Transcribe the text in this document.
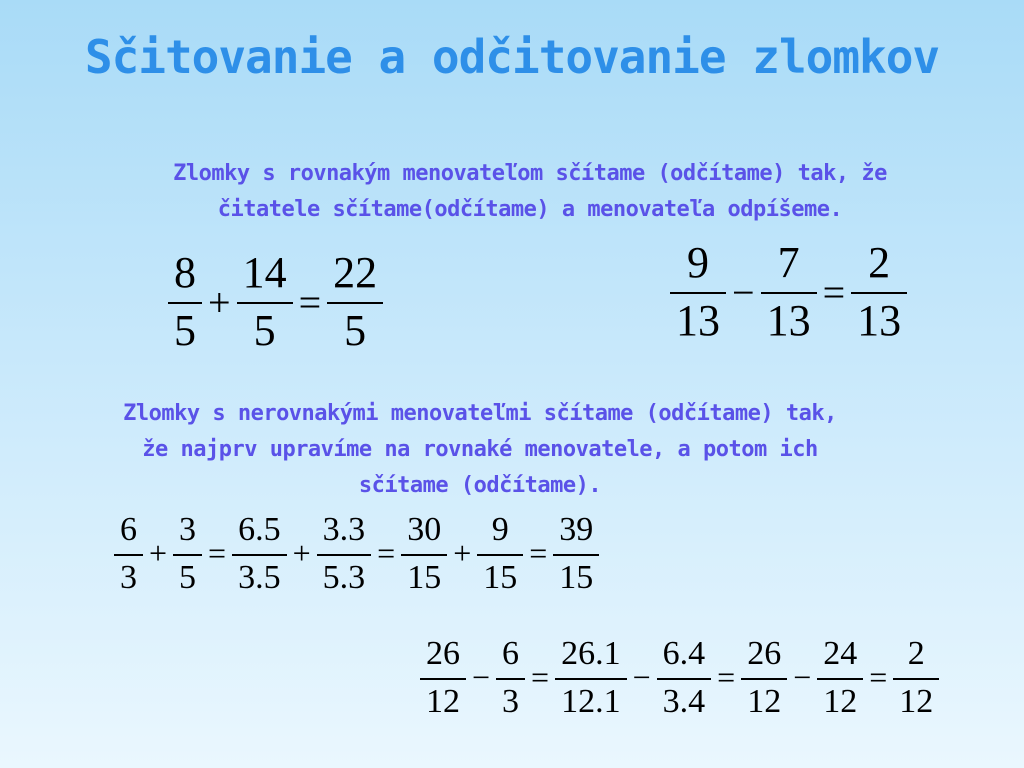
Sčitovanie a odčitovanie zlomkov
Zlomky s rovnakým menovateľom sčítame (odčítame) tak, že
čitatele sčítame(odčítame) a menovateľa odpíšeme.
$\frac{8}{5} + \frac{14}{5} = \frac{22}{5}$	$\frac{9}{13} - \frac{7}{13} = \frac{2}{13}$
Zlomky s nerovnakými menovateľmi sčítame (odčítame) tak,
že najprv upravíme na rovnaké menovatele, a potom ich
sčítame (odčítame).
$\frac{6}{3} + \frac{3}{5} = \frac{6.5}{3.5} + \frac{3.3}{5.3} = \frac{30}{15} + \frac{9}{15} = \frac{39}{15}$
$\frac{26}{12} - \frac{6}{3} = \frac{26.1}{12.1} - \frac{6.4}{3.4} = \frac{26}{12} - \frac{24}{12} = \frac{2}{12}$
